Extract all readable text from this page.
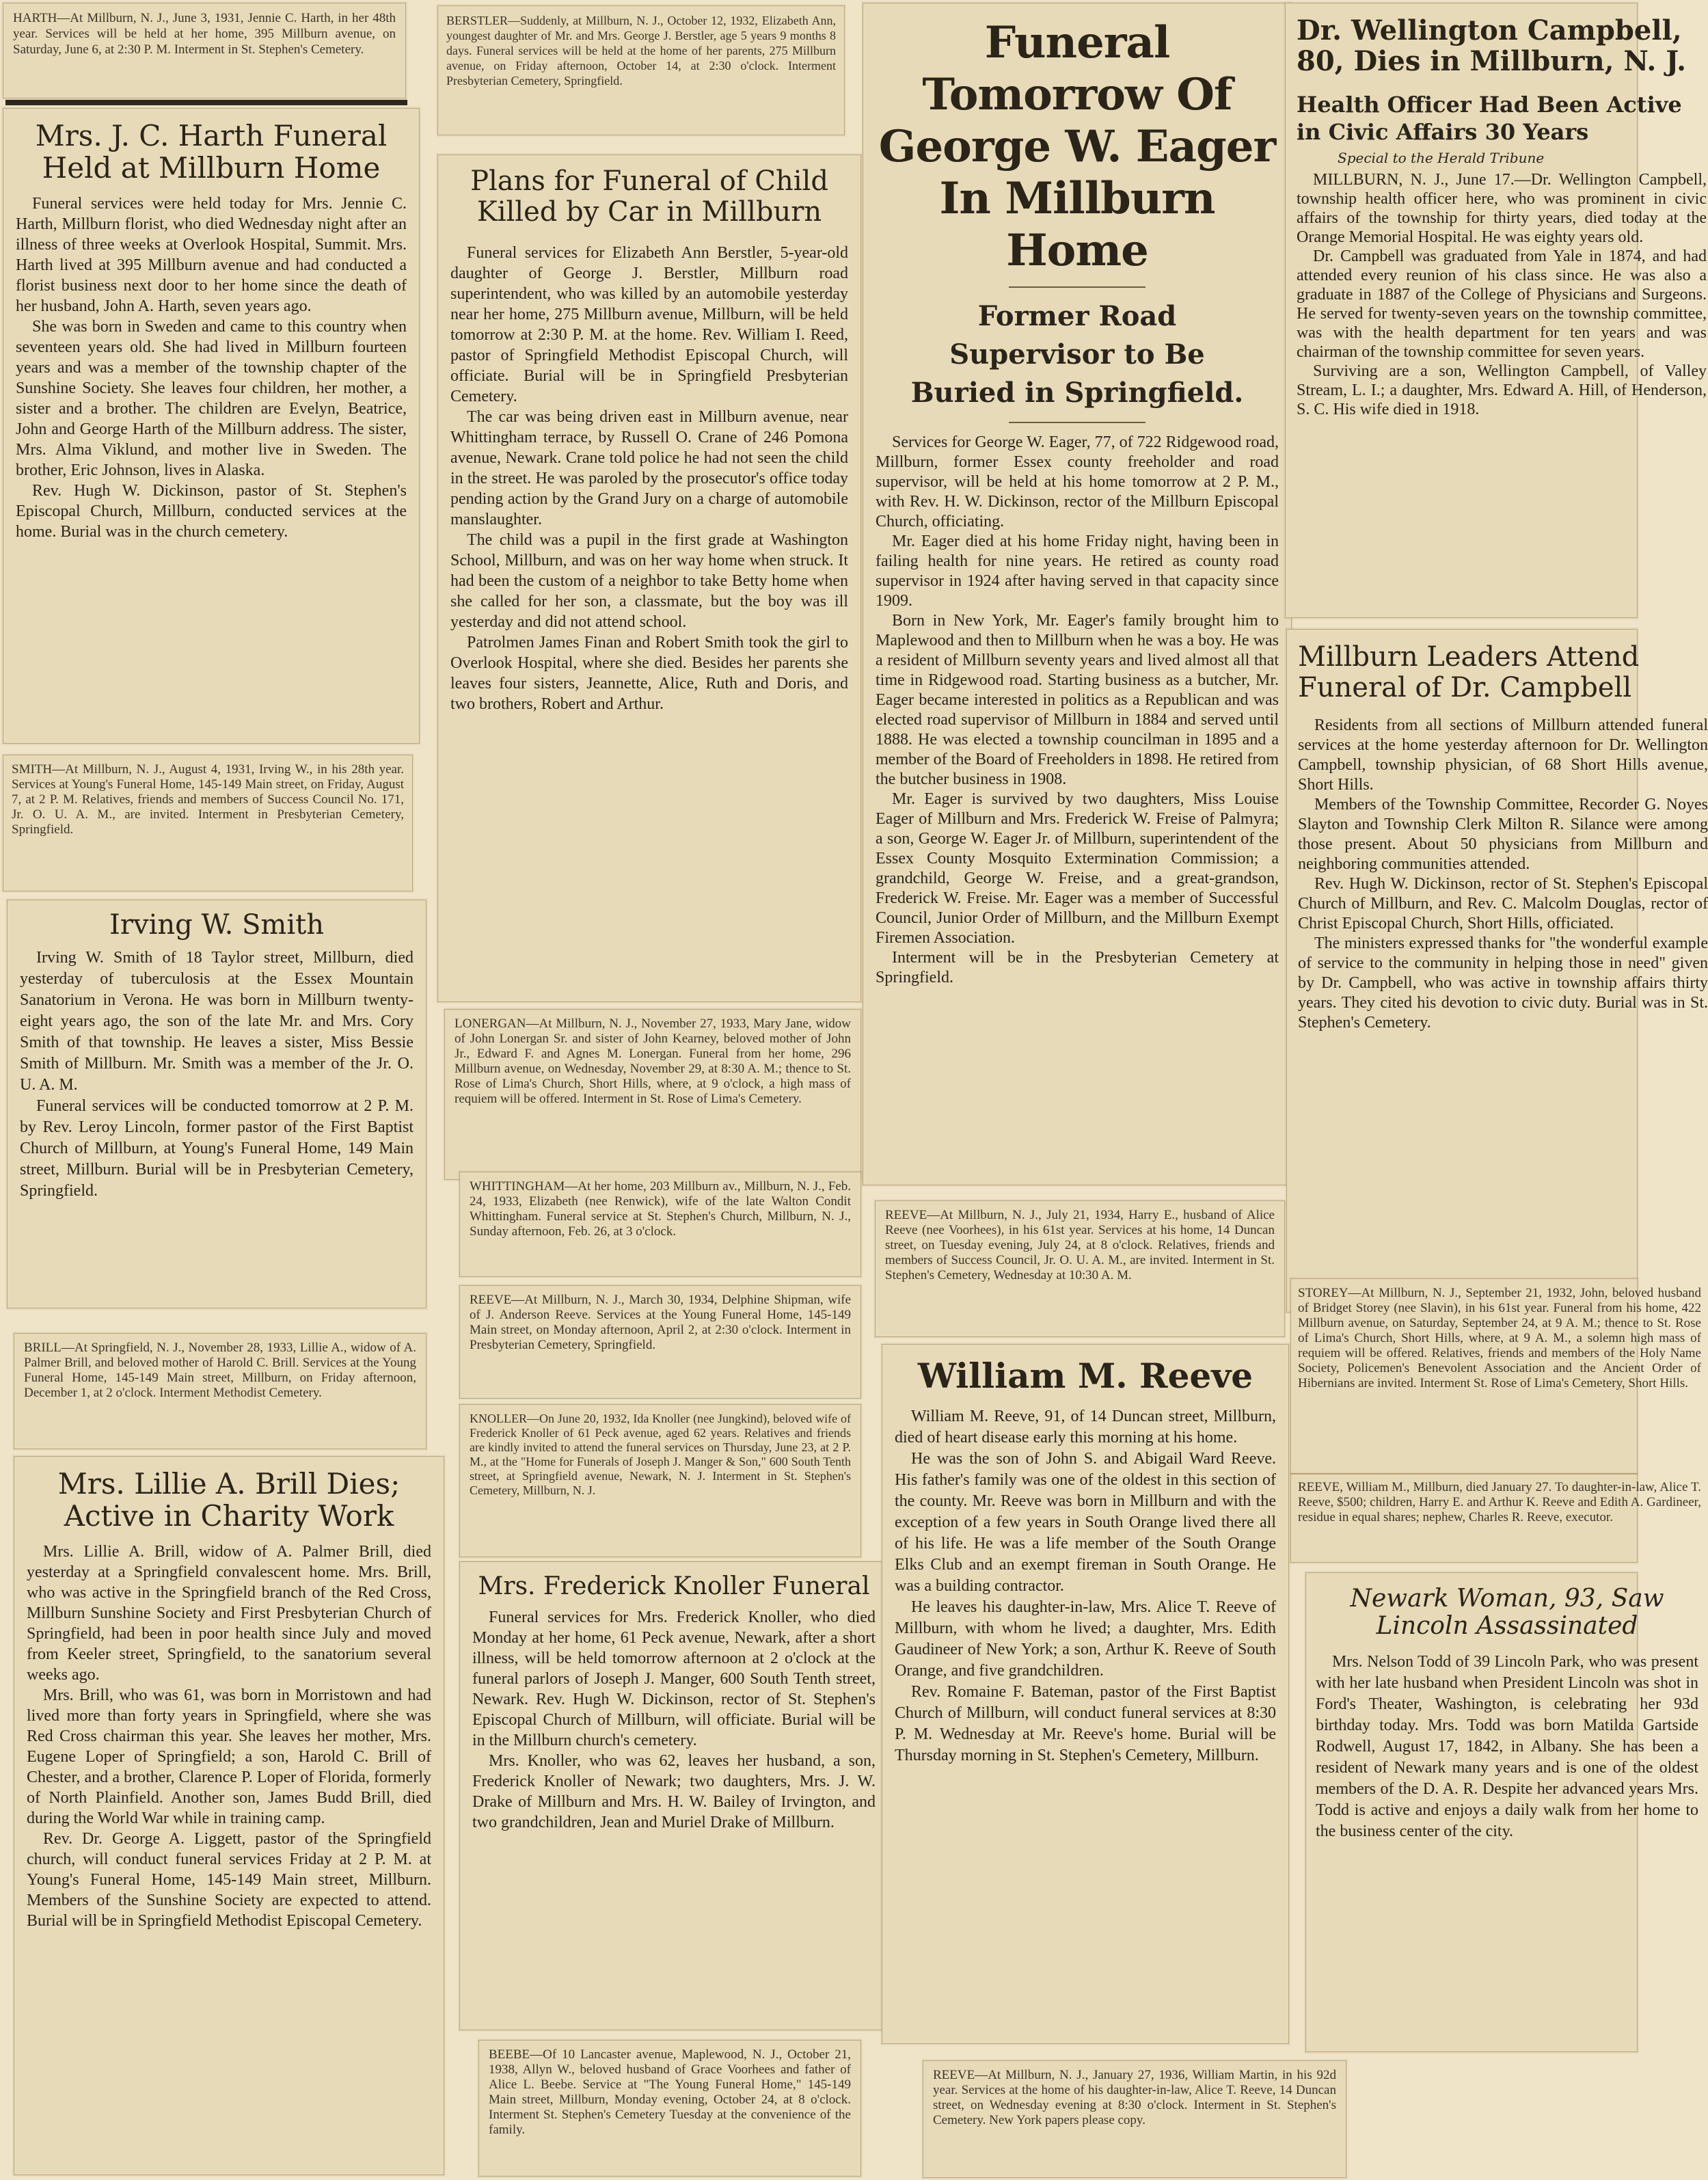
HARTH—At Millburn, N. J., June 3, 1931, Jennie C. Harth, in her 48th year. Services will be held at her home, 395 Millburn avenue, on Saturday, June 6, at 2:30 P. M. Interment in St. Stephen's Cemetery.

Mrs. J. C. Harth Funeral Held at Millburn Home

Funeral services were held today for Mrs. Jennie C. Harth, Millburn florist, who died Wednesday night after an illness of three weeks at Overlook Hospital, Summit. Mrs. Harth lived at 395 Millburn avenue and had conducted a florist business next door to her home since the death of her husband, John A. Harth, seven years ago.

She was born in Sweden and came to this country when seventeen years old. She had lived in Millburn fourteen years and was a member of the township chapter of the Sunshine Society. She leaves four children, her mother, a sister and a brother. The children are Evelyn, Beatrice, John and George Harth of the Millburn address. The sister, Mrs. Alma Viklund, and mother live in Sweden. The brother, Eric Johnson, lives in Alaska.

Rev. Hugh W. Dickinson, pastor of St. Stephen's Episcopal Church, Millburn, conducted services at the home. Burial was in the church cemetery.

SMITH—At Millburn, N. J., August 4, 1931, Irving W., in his 28th year. Services at Young's Funeral Home, 145-149 Main street, on Friday, August 7, at 2 P. M. Relatives, friends and members of Success Council No. 171, Jr. O. U. A. M., are invited. Interment in Presbyterian Cemetery, Springfield.

Irving W. Smith

Irving W. Smith of 18 Taylor street, Millburn, died yesterday of tuberculosis at the Essex Mountain Sanatorium in Verona. He was born in Millburn twenty-eight years ago, the son of the late Mr. and Mrs. Cory Smith of that township. He leaves a sister, Miss Bessie Smith of Millburn. Mr. Smith was a member of the Jr. O. U. A. M.

Funeral services will be conducted tomorrow at 2 P. M. by Rev. Leroy Lincoln, former pastor of the First Baptist Church of Millburn, at Young's Funeral Home, 149 Main street, Millburn. Burial will be in Presbyterian Cemetery, Springfield.

BRILL—At Springfield, N. J., November 28, 1933, Lillie A., widow of A. Palmer Brill, and beloved mother of Harold C. Brill. Services at the Young Funeral Home, 145-149 Main street, Millburn, on Friday afternoon, December 1, at 2 o'clock. Interment Methodist Cemetery.

Mrs. Lillie A. Brill Dies; Active in Charity Work

Mrs. Lillie A. Brill, widow of A. Palmer Brill, died yesterday at a Springfield convalescent home. Mrs. Brill, who was active in the Springfield branch of the Red Cross, Millburn Sunshine Society and First Presbyterian Church of Springfield, had been in poor health since July and moved from Keeler street, Springfield, to the sanatorium several weeks ago.

Mrs. Brill, who was 61, was born in Morristown and had lived more than forty years in Springfield, where she was Red Cross chairman this year. She leaves her mother, Mrs. Eugene Loper of Springfield; a son, Harold C. Brill of Chester, and a brother, Clarence P. Loper of Florida, formerly of North Plainfield. Another son, James Budd Brill, died during the World War while in training camp.

Rev. Dr. George A. Liggett, pastor of the Springfield church, will conduct funeral services Friday at 2 P. M. at Young's Funeral Home, 145-149 Main street, Millburn. Members of the Sunshine Society are expected to attend. Burial will be in Springfield Methodist Episcopal Cemetery.

BERSTLER—Suddenly, at Millburn, N. J., October 12, 1932, Elizabeth Ann, youngest daughter of Mr. and Mrs. George J. Berstler, age 5 years 9 months 8 days. Funeral services will be held at the home of her parents, 275 Millburn avenue, on Friday afternoon, October 14, at 2:30 o'clock. Interment Presbyterian Cemetery, Springfield.

Plans for Funeral of Child Killed by Car in Millburn

Funeral services for Elizabeth Ann Berstler, 5-year-old daughter of George J. Berstler, Millburn road superintendent, who was killed by an automobile yesterday near her home, 275 Millburn avenue, Millburn, will be held tomorrow at 2:30 P. M. at the home. Rev. William I. Reed, pastor of Springfield Methodist Episcopal Church, will officiate. Burial will be in Springfield Presbyterian Cemetery.

The car was being driven east in Millburn avenue, near Whittingham terrace, by Russell O. Crane of 246 Pomona avenue, Newark. Crane told police he had not seen the child in the street. He was paroled by the prosecutor's office today pending action by the Grand Jury on a charge of automobile manslaughter.

The child was a pupil in the first grade at Washington School, Millburn, and was on her way home when struck. It had been the custom of a neighbor to take Betty home when she called for her son, a classmate, but the boy was ill yesterday and did not attend school.

Patrolmen James Finan and Robert Smith took the girl to Overlook Hospital, where she died. Besides her parents she leaves four sisters, Jeannette, Alice, Ruth and Doris, and two brothers, Robert and Arthur.

LONERGAN—At Millburn, N. J., November 27, 1933, Mary Jane, widow of John Lonergan Sr. and sister of John Kearney, beloved mother of John Jr., Edward F. and Agnes M. Lonergan. Funeral from her home, 296 Millburn avenue, on Wednesday, November 29, at 8:30 A. M.; thence to St. Rose of Lima's Church, Short Hills, where, at 9 o'clock, a high mass of requiem will be offered. Interment in St. Rose of Lima's Cemetery.

WHITTINGHAM—At her home, 203 Millburn av., Millburn, N. J., Feb. 24, 1933, Elizabeth (nee Renwick), wife of the late Walton Condit Whittingham. Funeral service at St. Stephen's Church, Millburn, N. J., Sunday afternoon, Feb. 26, at 3 o'clock.

REEVE—At Millburn, N. J., March 30, 1934, Delphine Shipman, wife of J. Anderson Reeve. Services at the Young Funeral Home, 145-149 Main street, on Monday afternoon, April 2, at 2:30 o'clock. Interment in Presbyterian Cemetery, Springfield.

KNOLLER—On June 20, 1932, Ida Knoller (nee Jungkind), beloved wife of Frederick Knoller of 61 Peck avenue, aged 62 years. Relatives and friends are kindly invited to attend the funeral services on Thursday, June 23, at 2 P. M., at the "Home for Funerals of Joseph J. Manger & Son," 600 South Tenth street, at Springfield avenue, Newark, N. J. Interment in St. Stephen's Cemetery, Millburn, N. J.

Mrs. Frederick Knoller Funeral

Funeral services for Mrs. Frederick Knoller, who died Monday at her home, 61 Peck avenue, Newark, after a short illness, will be held tomorrow afternoon at 2 o'clock at the funeral parlors of Joseph J. Manger, 600 South Tenth street, Newark. Rev. Hugh W. Dickinson, rector of St. Stephen's Episcopal Church of Millburn, will officiate. Burial will be in the Millburn church's cemetery.

Mrs. Knoller, who was 62, leaves her husband, a son, Frederick Knoller of Newark; two daughters, Mrs. J. W. Drake of Millburn and Mrs. H. W. Bailey of Irvington, and two grandchildren, Jean and Muriel Drake of Millburn.

BEEBE—Of 10 Lancaster avenue, Maplewood, N. J., October 21, 1938, Allyn W., beloved husband of Grace Voorhees and father of Alice L. Beebe. Service at "The Young Funeral Home," 145-149 Main street, Millburn, Monday evening, October 24, at 8 o'clock. Interment St. Stephen's Cemetery Tuesday at the convenience of the family.

Funeral Tomorrow Of George W. Eager In Millburn Home
Former Road Supervisor to Be Buried in Springfield.

Services for George W. Eager, 77, of 722 Ridgewood road, Millburn, former Essex county freeholder and road supervisor, will be held at his home tomorrow at 2 P. M., with Rev. H. W. Dickinson, rector of the Millburn Episcopal Church, officiating.

Mr. Eager died at his home Friday night, having been in failing health for nine years. He retired as county road supervisor in 1924 after having served in that capacity since 1909.

Born in New York, Mr. Eager's family brought him to Maplewood and then to Millburn when he was a boy. He was a resident of Millburn seventy years and lived almost all that time in Ridgewood road. Starting business as a butcher, Mr. Eager became interested in politics as a Republican and was elected road supervisor of Millburn in 1884 and served until 1888. He was elected a township councilman in 1895 and a member of the Board of Freeholders in 1898. He retired from the butcher business in 1908.

Mr. Eager is survived by two daughters, Miss Louise Eager of Millburn and Mrs. Frederick W. Freise of Palmyra; a son, George W. Eager Jr. of Millburn, superintendent of the Essex County Mosquito Extermination Commission; a grandchild, George W. Freise, and a great-grandson, Frederick W. Freise. Mr. Eager was a member of Successful Council, Junior Order of Millburn, and the Millburn Exempt Firemen Association.

Interment will be in the Presbyterian Cemetery at Springfield.

REEVE—At Millburn, N. J., July 21, 1934, Harry E., husband of Alice Reeve (nee Voorhees), in his 61st year. Services at his home, 14 Duncan street, on Tuesday evening, July 24, at 8 o'clock. Relatives, friends and members of Success Council, Jr. O. U. A. M., are invited. Interment in St. Stephen's Cemetery, Wednesday at 10:30 A. M.

William M. Reeve

William M. Reeve, 91, of 14 Duncan street, Millburn, died of heart disease early this morning at his home.

He was the son of John S. and Abigail Ward Reeve. His father's family was one of the oldest in this section of the county. Mr. Reeve was born in Millburn and with the exception of a few years in South Orange lived there all of his life. He was a life member of the South Orange Elks Club and an exempt fireman in South Orange. He was a building contractor.

He leaves his daughter-in-law, Mrs. Alice T. Reeve of Millburn, with whom he lived; a daughter, Mrs. Edith Gaudineer of New York; a son, Arthur K. Reeve of South Orange, and five grandchildren.

Rev. Romaine F. Bateman, pastor of the First Baptist Church of Millburn, will conduct funeral services at 8:30 P. M. Wednesday at Mr. Reeve's home. Burial will be Thursday morning in St. Stephen's Cemetery, Millburn.

REEVE—At Millburn, N. J., January 27, 1936, William Martin, in his 92d year. Services at the home of his daughter-in-law, Alice T. Reeve, 14 Duncan street, on Wednesday evening at 8:30 o'clock. Interment in St. Stephen's Cemetery. New York papers please copy.

Dr. Wellington Campbell, 80, Dies in Millburn, N. J.
Health Officer Had Been Active in Civic Affairs 30 Years

Special to the Herald Tribune

MILLBURN, N. J., June 17.—Dr. Wellington Campbell, township health officer here, who was prominent in civic affairs of the township for thirty years, died today at the Orange Memorial Hospital. He was eighty years old.

Dr. Campbell was graduated from Yale in 1874, and had attended every reunion of his class since. He was also a graduate in 1887 of the College of Physicians and Surgeons. He served for twenty-seven years on the township committee, was with the health department for ten years and was chairman of the township committee for seven years.

Surviving are a son, Wellington Campbell, of Valley Stream, L. I.; a daughter, Mrs. Edward A. Hill, of Henderson, S. C. His wife died in 1918.

Millburn Leaders Attend Funeral of Dr. Campbell

Residents from all sections of Millburn attended funeral services at the home yesterday afternoon for Dr. Wellington Campbell, township physician, of 68 Short Hills avenue, Short Hills.

Members of the Township Committee, Recorder G. Noyes Slayton and Township Clerk Milton R. Silance were among those present. About 50 physicians from Millburn and neighboring communities attended.

Rev. Hugh W. Dickinson, rector of St. Stephen's Episcopal Church of Millburn, and Rev. C. Malcolm Douglas, rector of Christ Episcopal Church, Short Hills, officiated.

The ministers expressed thanks for "the wonderful example of service to the community in helping those in need" given by Dr. Campbell, who was active in township affairs thirty years. They cited his devotion to civic duty. Burial was in St. Stephen's Cemetery.

STOREY—At Millburn, N. J., September 21, 1932, John, beloved husband of Bridget Storey (nee Slavin), in his 61st year. Funeral from his home, 422 Millburn avenue, on Saturday, September 24, at 9 A. M.; thence to St. Rose of Lima's Church, Short Hills, where, at 9 A. M., a solemn high mass of requiem will be offered. Relatives, friends and members of the Holy Name Society, Policemen's Benevolent Association and the Ancient Order of Hibernians are invited. Interment St. Rose of Lima's Cemetery, Short Hills.

REEVE, William M., Millburn, died January 27. To daughter-in-law, Alice T. Reeve, $500; children, Harry E. and Arthur K. Reeve and Edith A. Gardineer, residue in equal shares; nephew, Charles R. Reeve, executor.

Newark Woman, 93, Saw Lincoln Assassinated

Mrs. Nelson Todd of 39 Lincoln Park, who was present with her late husband when President Lincoln was shot in Ford's Theater, Washington, is celebrating her 93d birthday today. Mrs. Todd was born Matilda Gartside Rodwell, August 17, 1842, in Albany. She has been a resident of Newark many years and is one of the oldest members of the D. A. R. Despite her advanced years Mrs. Todd is active and enjoys a daily walk from her home to the business center of the city.
